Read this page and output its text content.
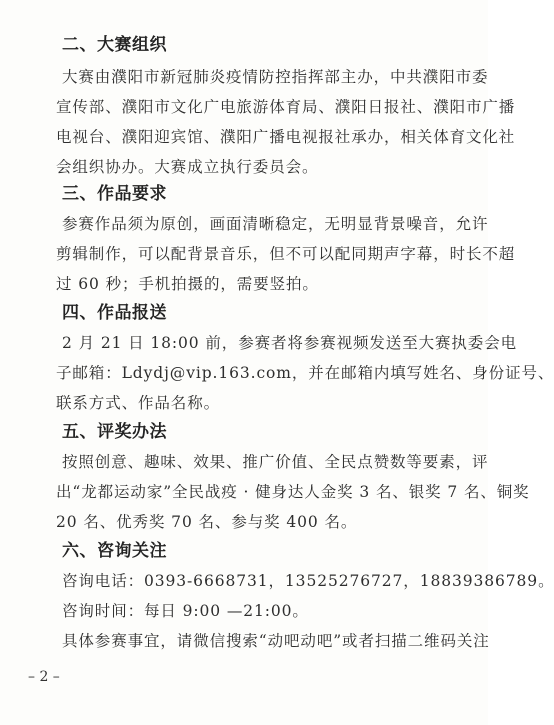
二、大赛组织
大赛由濮阳市新冠肺炎疫情防控指挥部主办，中共濮阳市委
宣传部、濮阳市文化广电旅游体育局、濮阳日报社、濮阳市广播
电视台、濮阳迎宾馆、濮阳广播电视报社承办，相关体育文化社
会组织协办。大赛成立执行委员会。
三、作品要求
参赛作品须为原创，画面清晰稳定，无明显背景噪音，允许
剪辑制作，可以配背景音乐，但不可以配同期声字幕，时长不超
过 60 秒；手机拍摄的，需要竖拍。
四、作品报送
2 月 21 日 18:00 前，参赛者将参赛视频发送至大赛执委会电
子邮箱：Ldydj@vip.163.com，并在邮箱内填写姓名、身份证号、
联系方式、作品名称。
五、评奖办法
按照创意、趣味、效果、推广价值、全民点赞数等要素，评
出“龙都运动家”全民战疫 · 健身达人金奖 3 名、银奖 7 名、铜奖
20 名、优秀奖 70 名、参与奖 400 名。
六、咨询关注
咨询电话：0393-6668731，13525276727，18839386789。
咨询时间：每日 9:00 —21:00。
具体参赛事宜，请微信搜索“动吧动吧”或者扫描二维码关注
– 2 –
